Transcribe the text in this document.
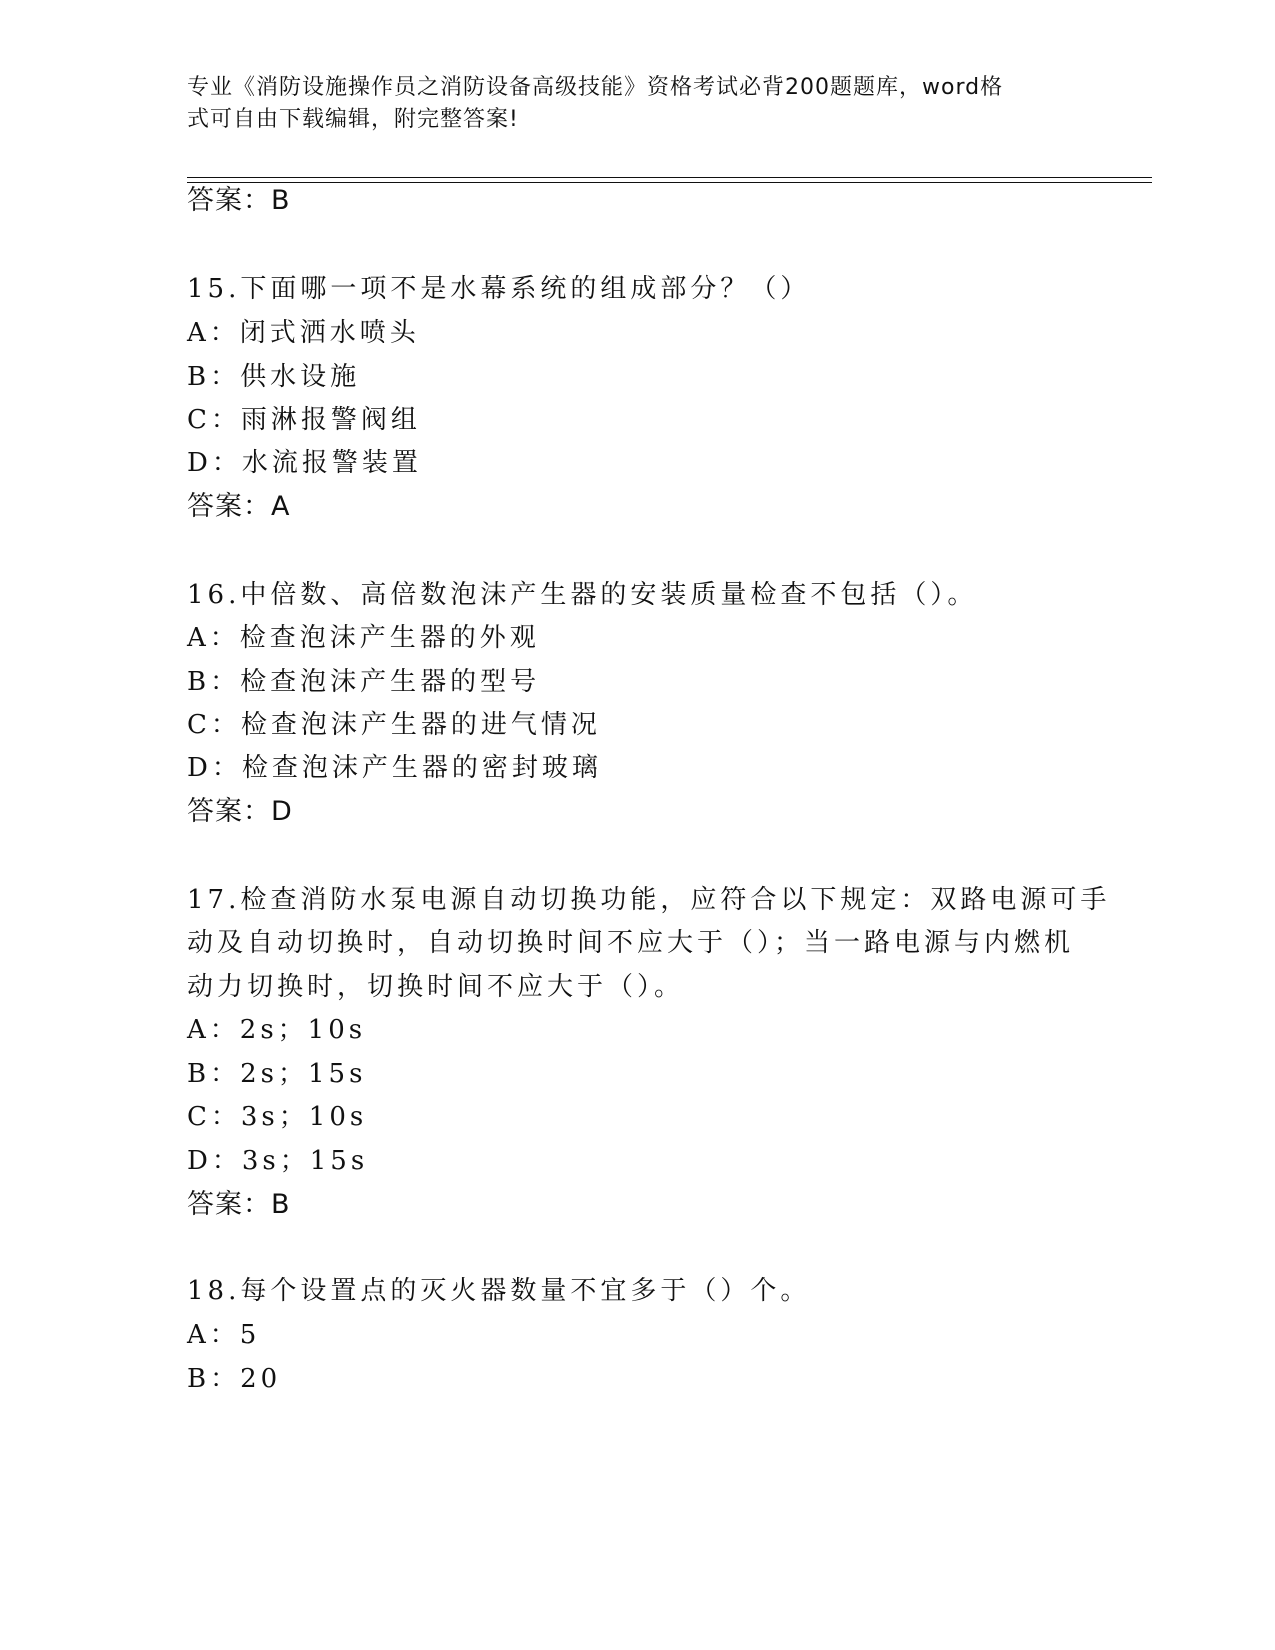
专业《消防设施操作员之消防设备高级技能》资格考试必背200题题库，word格
式可自由下载编辑，附完整答案!
答案：B
15.下面哪一项不是水幕系统的组成部分？（）
A：闭式洒水喷头
B：供水设施
C：雨淋报警阀组
D：水流报警装置
答案：A
16.中倍数、高倍数泡沫产生器的安装质量检查不包括（）。
A：检查泡沫产生器的外观
B：检查泡沫产生器的型号
C：检查泡沫产生器的进气情况
D：检查泡沫产生器的密封玻璃
答案：D
17.检查消防水泵电源自动切换功能，应符合以下规定：双路电源可手
动及自动切换时，自动切换时间不应大于（）；当一路电源与内燃机
动力切换时，切换时间不应大于（）。
A：2s；10s
B：2s；15s
C：3s；10s
D：3s；15s
答案：B
18.每个设置点的灭火器数量不宜多于（）个。
A：5
B：20
